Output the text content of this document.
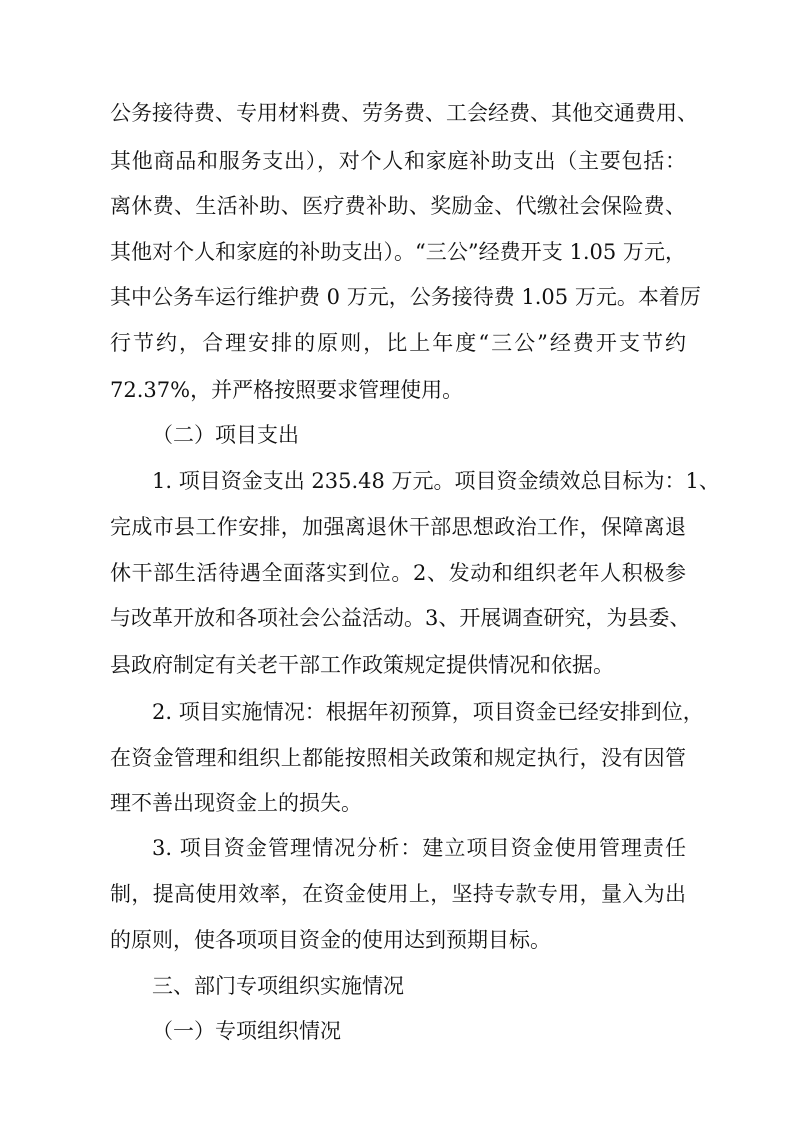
公务接待费、专用材料费、劳务费、工会经费、其他交通费用、

其他商品和服务支出），对个人和家庭补助支出（主要包括：

离休费、生活补助、医疗费补助、奖励金、代缴社会保险费、

其他对个人和家庭的补助支出）。“三公”经费开支 1.05 万元，

其中公务车运行维护费 0 万元，公务接待费 1.05 万元。本着厉

行节约，合理安排的原则，比上年度“三公”经费开支节约

72.37%，并严格按照要求管理使用。

（二）项目支出

1. 项目资金支出 235.48 万元。项目资金绩效总目标为：1、

完成市县工作安排，加强离退休干部思想政治工作，保障离退

休干部生活待遇全面落实到位。2、发动和组织老年人积极参

与改革开放和各项社会公益活动。3、开展调查研究，为县委、

县政府制定有关老干部工作政策规定提供情况和依据。

2. 项目实施情况：根据年初预算，项目资金已经安排到位，

在资金管理和组织上都能按照相关政策和规定执行，没有因管

理不善出现资金上的损失。

3. 项目资金管理情况分析：建立项目资金使用管理责任

制，提高使用效率，在资金使用上，坚持专款专用，量入为出

的原则，使各项项目资金的使用达到预期目标。

三、部门专项组织实施情况

（一）专项组织情况
